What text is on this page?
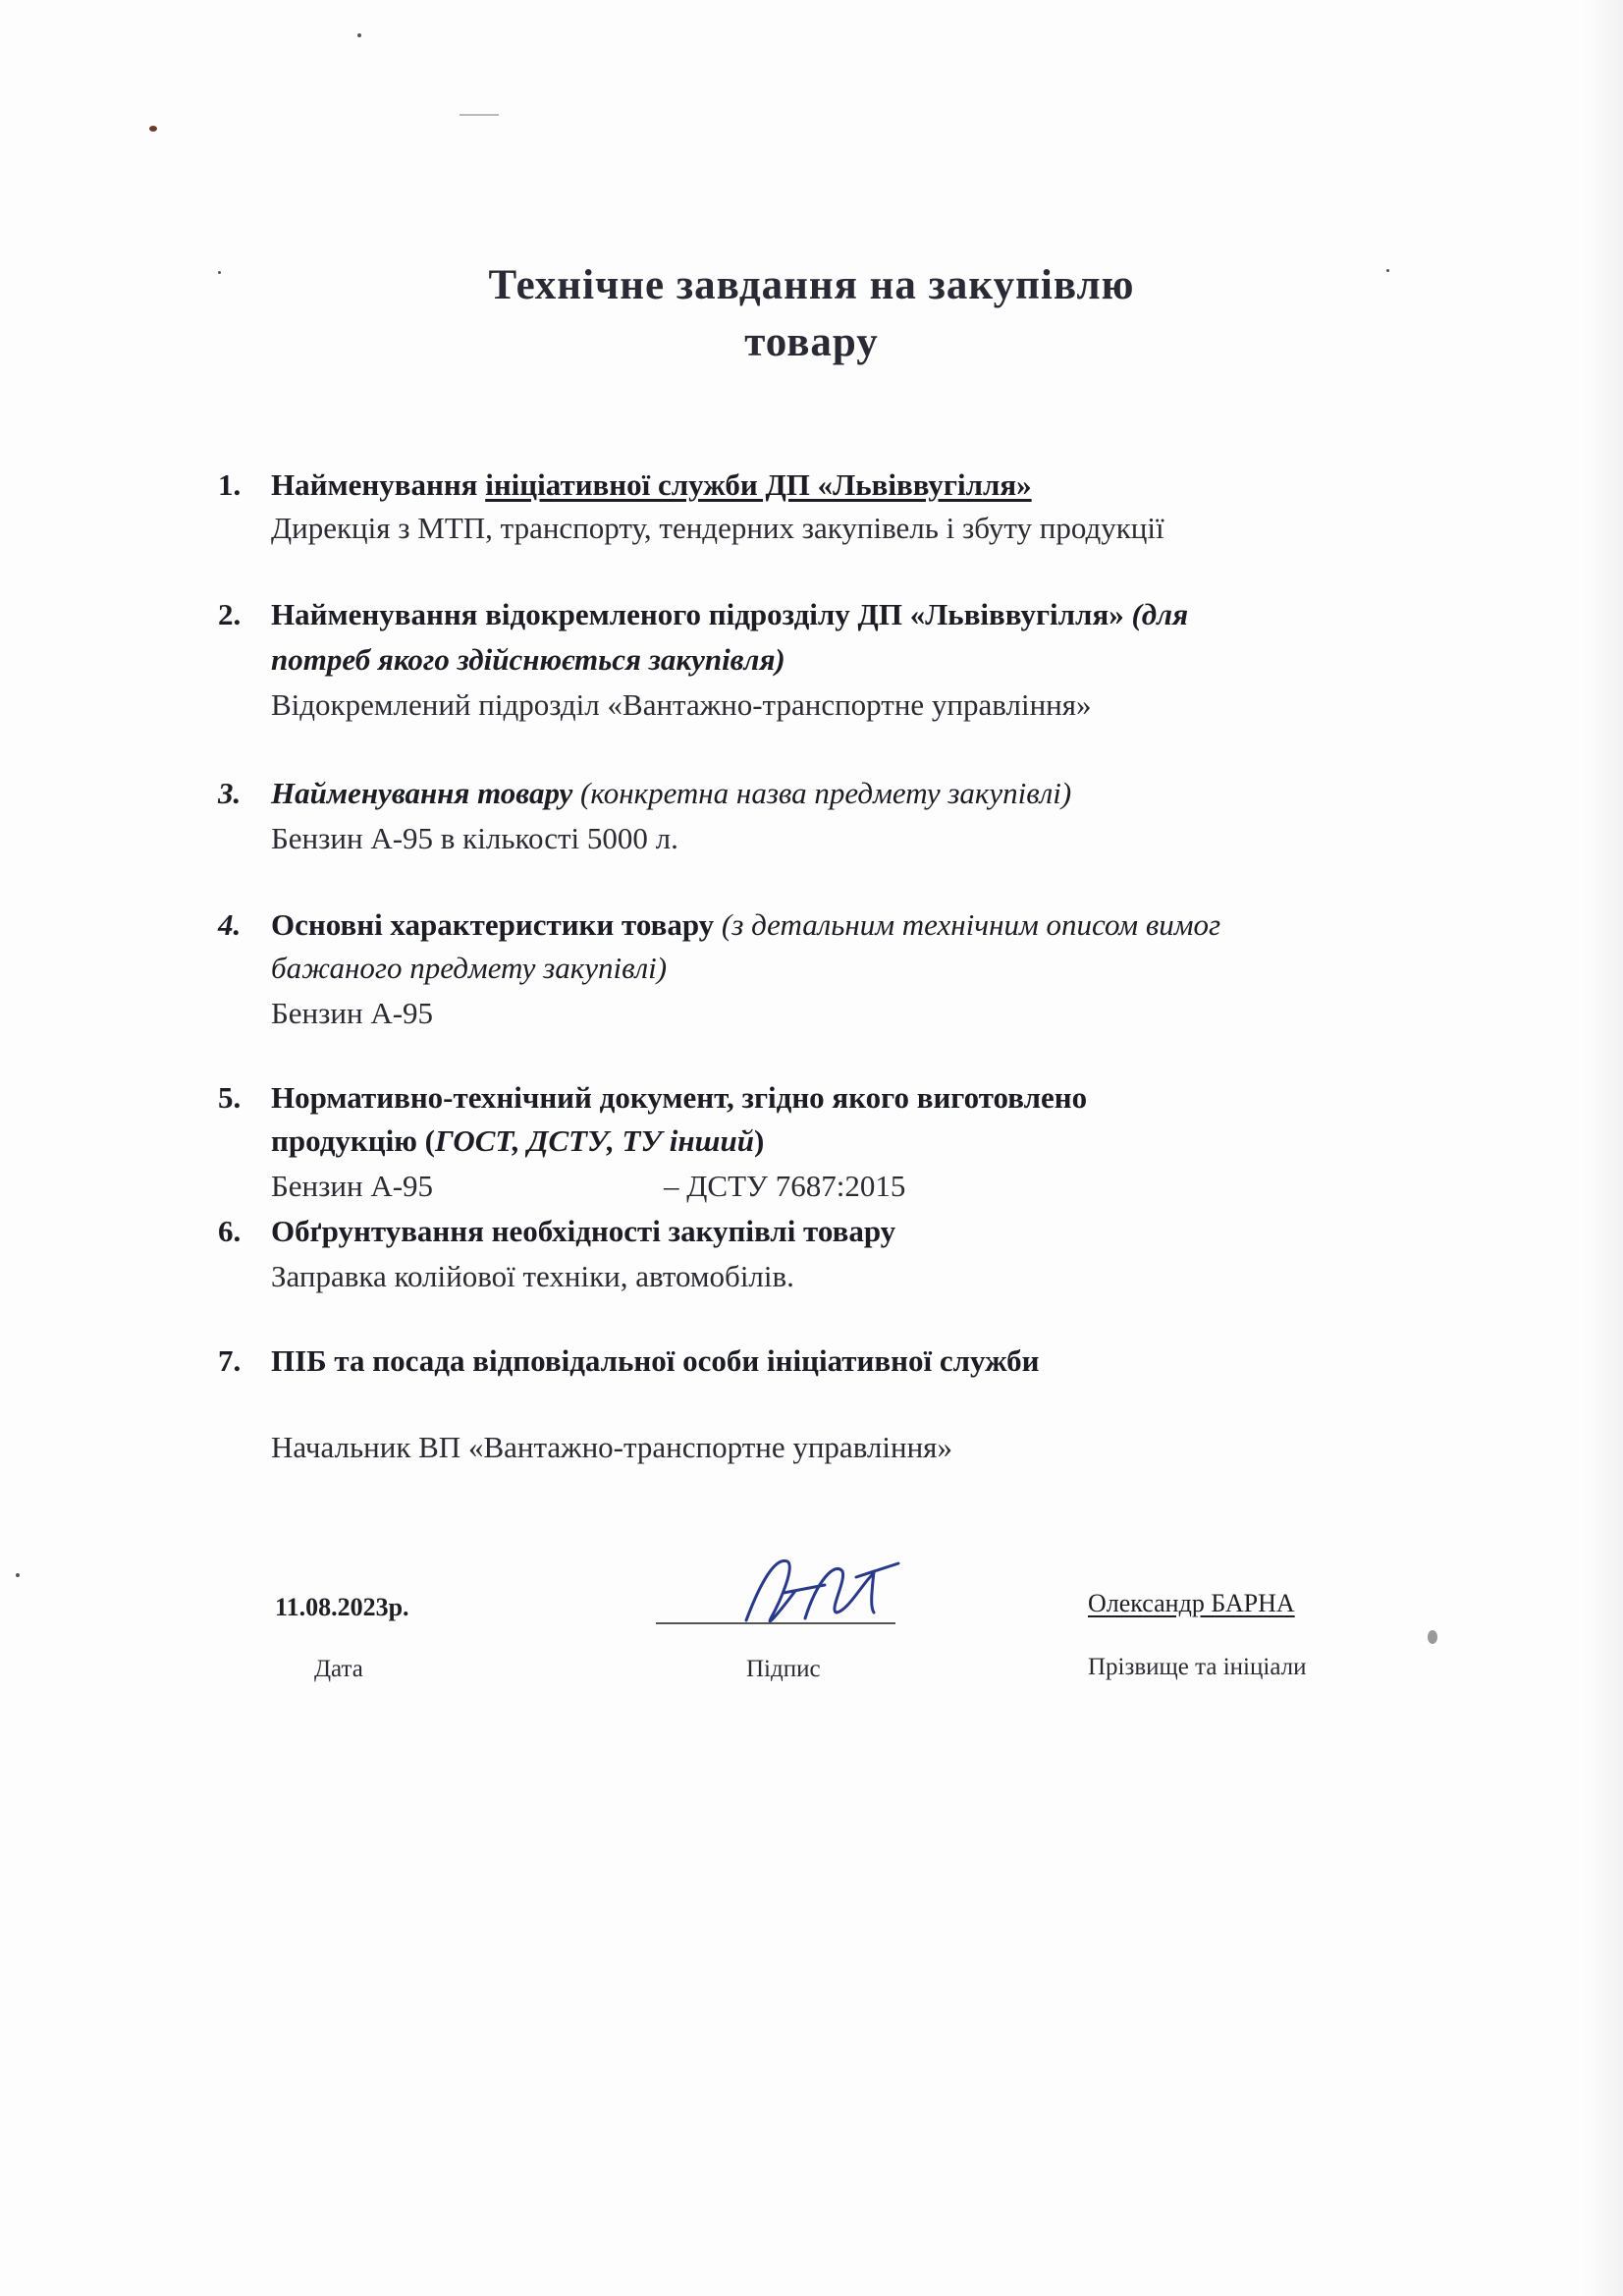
Технічне завдання на закупівлю
товару
1. Найменування ініціативної служби ДП «Львіввугілля»
Дирекція з МТП, транспорту, тендерних закупівель і збуту продукції
2. Найменування відокремленого підрозділу ДП «Львіввугілля» (для
потреб якого здійснюється закупівля)
Відокремлений підрозділ «Вантажно-транспортне управління»
3. Найменування товару (конкретна назва предмету закупівлі)
Бензин А-95 в кількості 5000 л.
4. Основні характеристики товару (з детальним технічним описом вимог
бажаного предмету закупівлі)
Бензин А-95
5. Нормативно-технічний документ, згідно якого виготовлено
продукцію (ГОСТ, ДСТУ, ТУ інший)
Бензин А-95	– ДСТУ 7687:2015
6. Обґрунтування необхідності закупівлі товару
Заправка колійової техніки, автомобілів.
7. ПІБ та посада відповідальної особи ініціативної служби
Начальник ВП «Вантажно-транспортне управління»
11.08.2023р.
Дата	Підпис
Олександр БАРНА
Прізвище та ініціали
